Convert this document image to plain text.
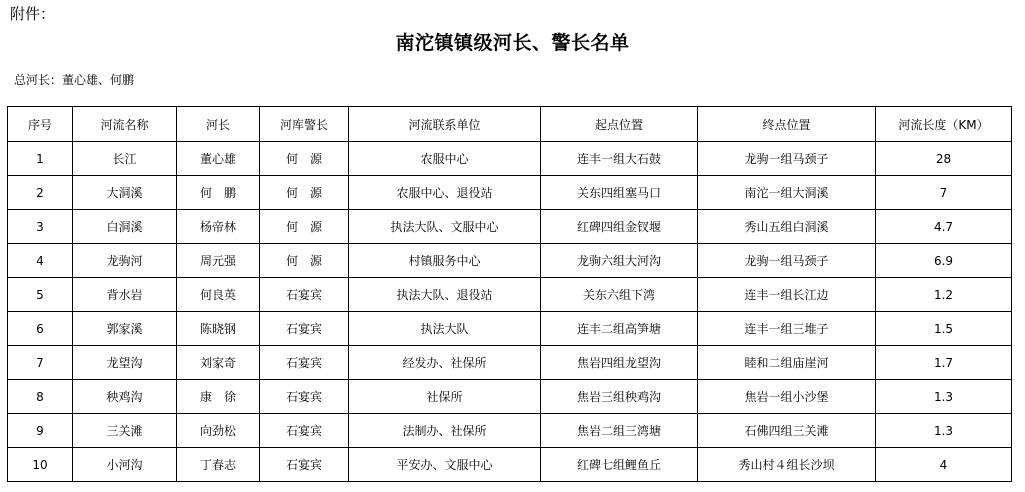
附件：
南沱镇镇级河长、警长名单
总河长：董心雄、何鹏
序号	河流名称	河长	河库警长	河流联系单位	起点位置	终点位置	河流长度（KM）
1	长江	董心雄	何　源	农服中心	连丰一组大石鼓	龙驹一组马颈子	28
2	大洞溪	何　鹏	何　源	农服中心、退役站	关东四组塞马口	南沱一组大洞溪	7
3	白洞溪	杨帝林	何　源	执法大队、文服中心	红碑四组金钗堰	秀山五组白洞溪	4.7
4	龙驹河	周元强	何　源	村镇服务中心	龙驹六组大河沟	龙驹一组马颈子	6.9
5	背水岩	何良英	石宴宾	执法大队、退役站	关东六组下湾	连丰一组长江边	1.2
6	郭家溪	陈晓钢	石宴宾	执法大队	连丰二组高笋塘	连丰一组三堆子	1.5
7	龙望沟	刘家奇	石宴宾	经发办、社保所	焦岩四组龙望沟	睦和二组庙崖河	1.7
8	秧鸡沟	康　徐	石宴宾	社保所	焦岩三组秧鸡沟	焦岩一组小沙堡	1.3
9	三关滩	向劲松	石宴宾	法制办、社保所	焦岩二组三湾塘	石佛四组三关滩	1.3
10	小河沟	丁春志	石宴宾	平安办、文服中心	红碑七组鲤鱼丘	秀山村４组长沙坝	4
